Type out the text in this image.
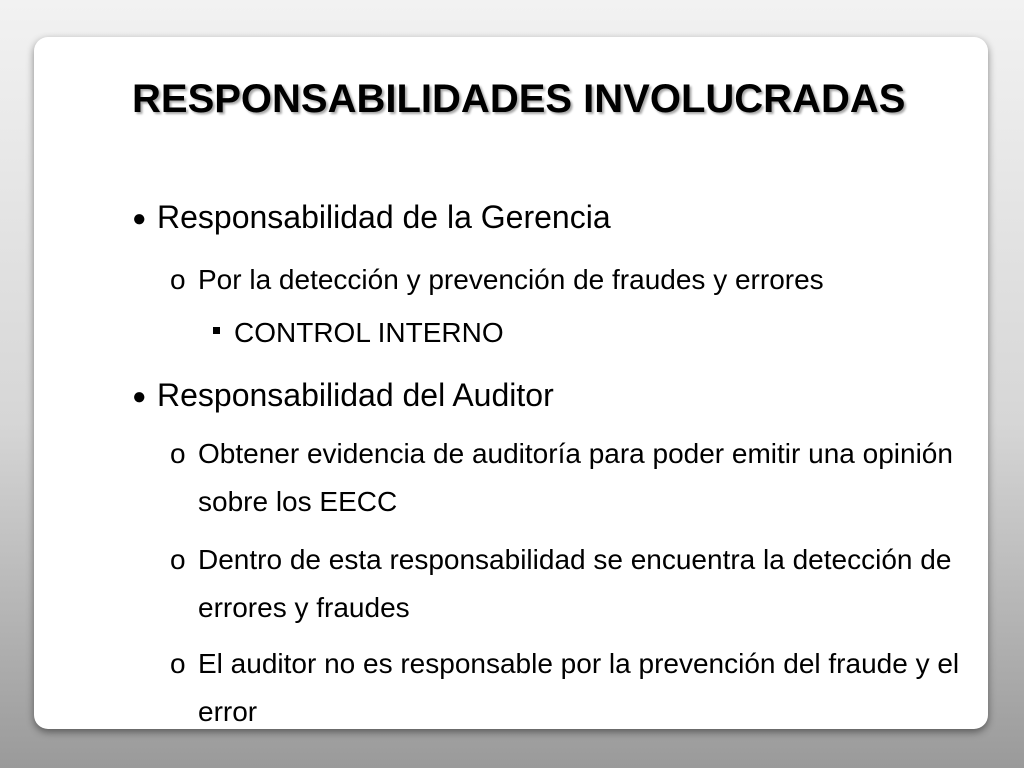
RESPONSABILIDADES INVOLUCRADAS
● Responsabilidad de la Gerencia
o Por la detección y prevención de fraudes y errores
CONTROL INTERNO
● Responsabilidad del Auditor
o Obtener evidencia de auditoría para poder emitir una opinión sobre los EECC
o Dentro de esta responsabilidad se encuentra la detección de errores y fraudes
o El auditor no es responsable por la prevención del fraude y el error
